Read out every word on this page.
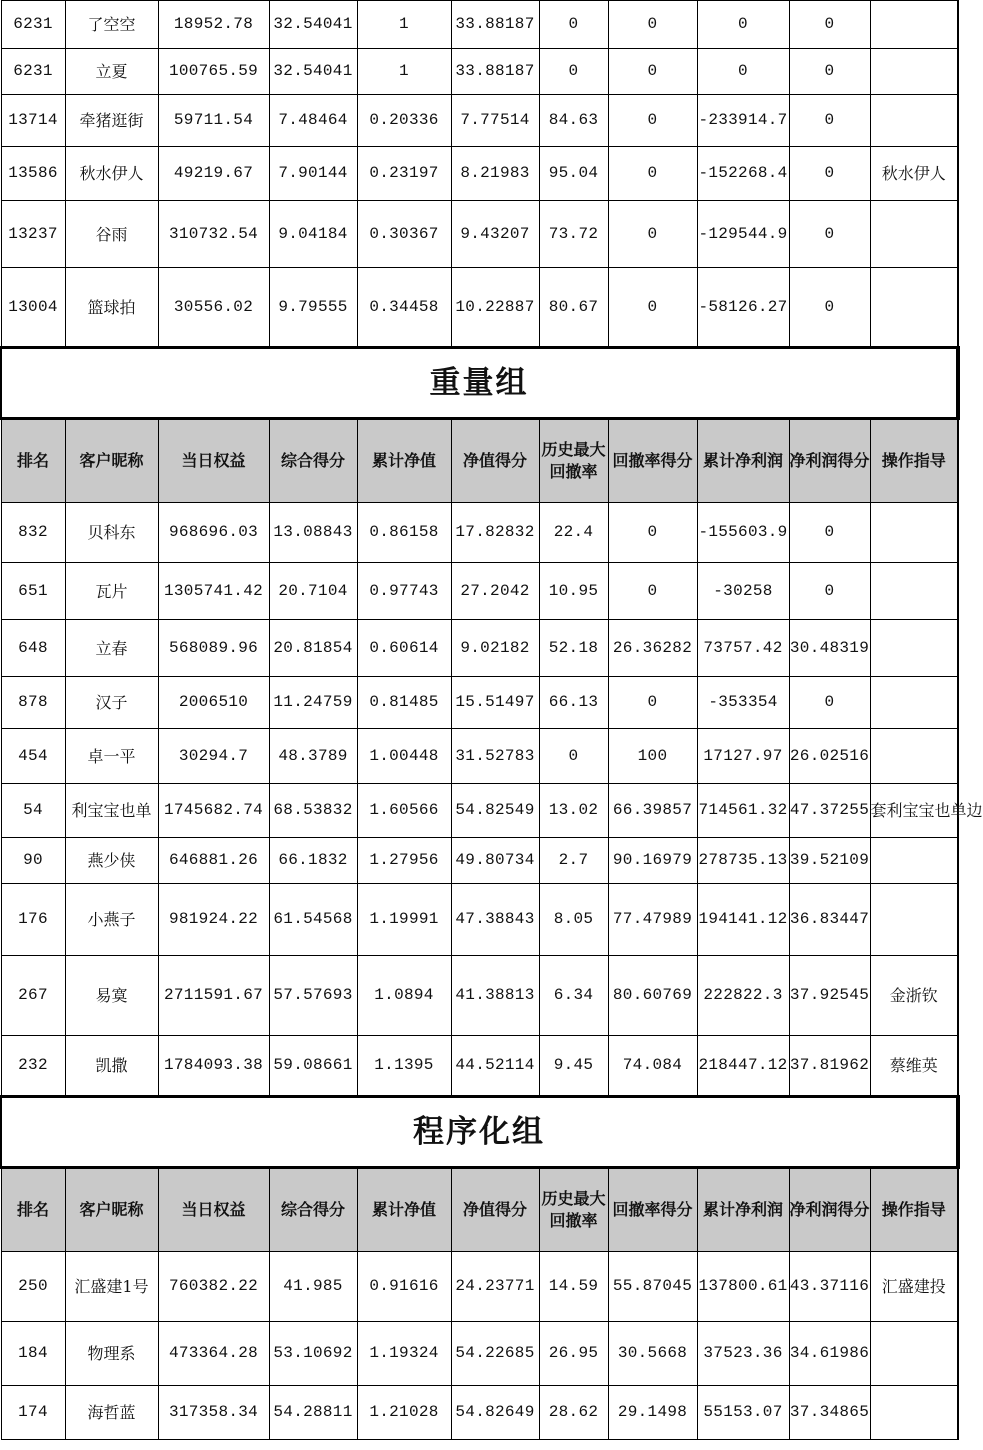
6231	了空空	18952.78	32.54041	1	33.88187	0	0	0	0	
6231	立夏	100765.59	32.54041	1	33.88187	0	0	0	0	
13714	牵猪逛街	59711.54	7.48464	0.20336	7.77514	84.63	0	-233914.7	0	
13586	秋水伊人	49219.67	7.90144	0.23197	8.21983	95.04	0	-152268.4	0	秋水伊人
13237	谷雨	310732.54	9.04184	0.30367	9.43207	73.72	0	-129544.9	0	
13004	篮球拍	30556.02	9.79555	0.34458	10.22887	80.67	0	-58126.27	0	
重量组										
排名	客户昵称	当日权益	综合得分	累计净值	净值得分	历史最大回撤率	回撤率得分	累计净利润	净利润得分	操作指导
832	贝科东	968696.03	13.08843	0.86158	17.82832	22.4	0	-155603.9	0	
651	瓦片	1305741.42	20.7104	0.97743	27.2042	10.95	0	-30258	0	
648	立春	568089.96	20.81854	0.60614	9.02182	52.18	26.36282	73757.42	30.48319	
878	汉子	2006510	11.24759	0.81485	15.51497	66.13	0	-353354	0	
454	卓一平	30294.7	48.3789	1.00448	31.52783	0	100	17127.97	26.02516	
54	利宝宝也单	1745682.74	68.53832	1.60566	54.82549	13.02	66.39857	714561.32	47.37255	套利宝宝也单边
90	燕少侠	646881.26	66.1832	1.27956	49.80734	2.7	90.16979	278735.13	39.52109	
176	小燕子	981924.22	61.54568	1.19991	47.38843	8.05	77.47989	194141.12	36.83447	
267	易寞	2711591.67	57.57693	1.0894	41.38813	6.34	80.60769	222822.3	37.92545	金浙钦
232	凯撒	1784093.38	59.08661	1.1395	44.52114	9.45	74.084	218447.12	37.81962	蔡维英
程序化组										
排名	客户昵称	当日权益	综合得分	累计净值	净值得分	历史最大回撤率	回撤率得分	累计净利润	净利润得分	操作指导
250	汇盛建1号	760382.22	41.985	0.91616	24.23771	14.59	55.87045	137800.61	43.37116	汇盛建投
184	物理系	473364.28	53.10692	1.19324	54.22685	26.95	30.5668	37523.36	34.61986	
174	海哲蓝	317358.34	54.28811	1.21028	54.82649	28.62	29.1498	55153.07	37.34865	
